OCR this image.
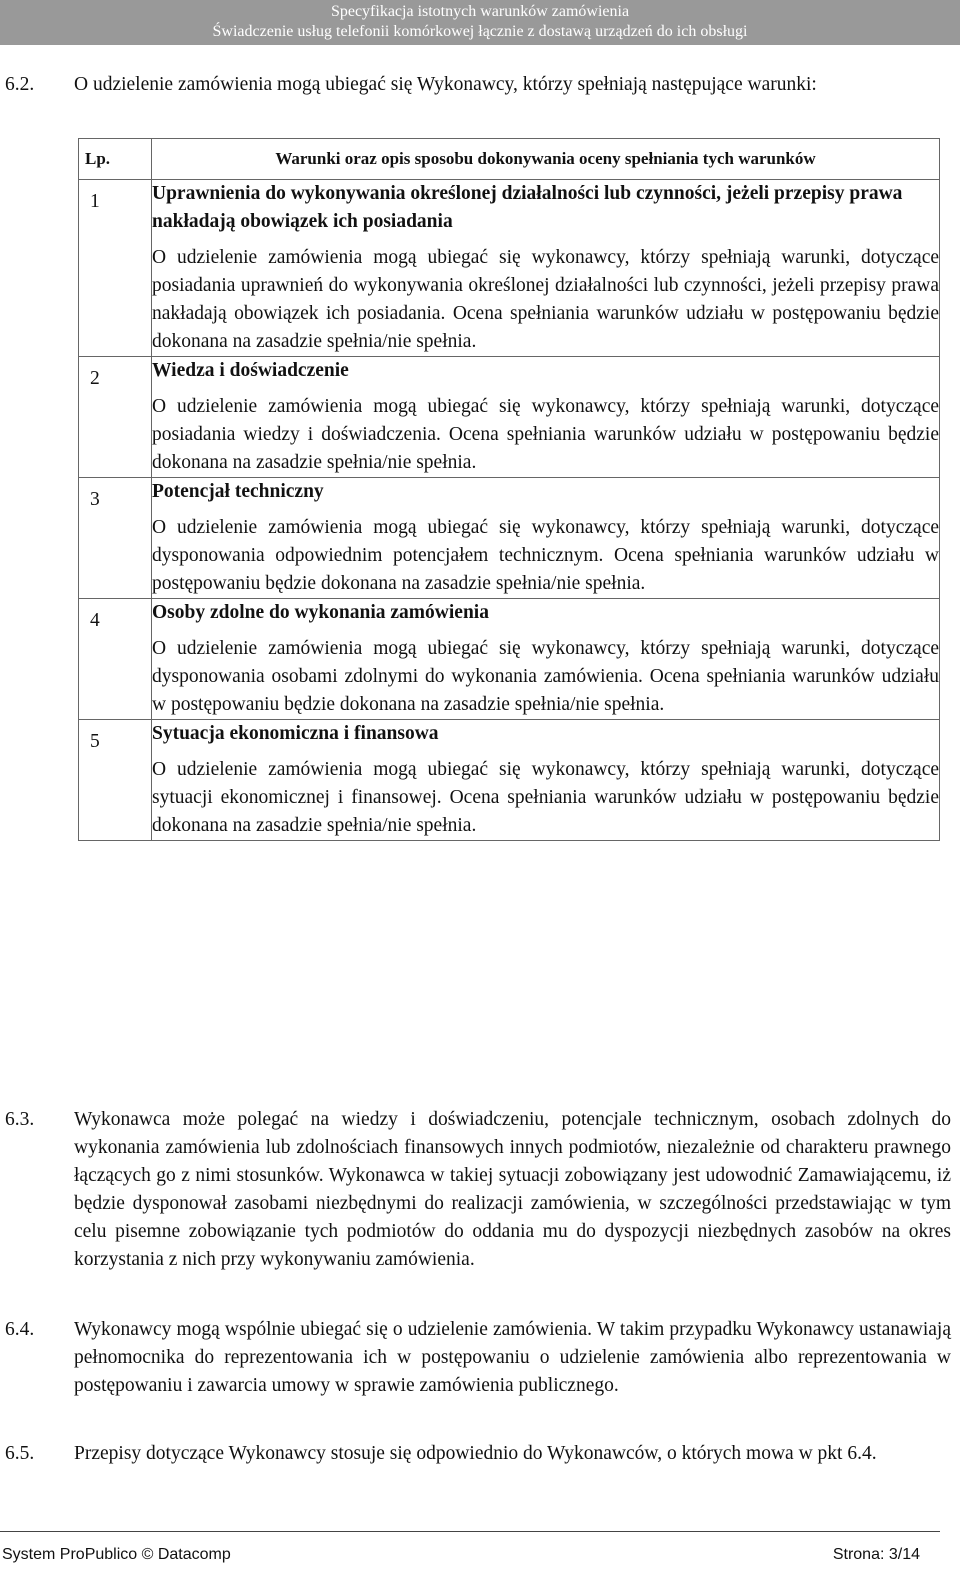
Specyfikacja istotnych warunków zamówienia
Świadczenie usług telefonii komórkowej łącznie z dostawą urządzeń do ich obsługi
6.2. O udzielenie zamówienia mogą ubiegać się Wykonawcy, którzy spełniają następujące warunki:
Lp.	Warunki oraz opis sposobu dokonywania oceny spełniania tych warunków

1	Uprawnienia do wykonywania określonej działalności lub czynności, jeżeli przepisy prawa nakładają obowiązek ich posiadania
O udzielenie zamówienia mogą ubiegać się wykonawcy, którzy spełniają warunki, dotyczące posiadania uprawnień do wykonywania określonej działalności lub czynności, jeżeli przepisy prawa nakładają obowiązek ich posiadania. Ocena spełniania warunków udziału w postępowaniu będzie dokonana na zasadzie spełnia/nie spełnia.

2	Wiedza i doświadczenie
O udzielenie zamówienia mogą ubiegać się wykonawcy, którzy spełniają warunki, dotyczące posiadania wiedzy i doświadczenia. Ocena spełniania warunków udziału w postępowaniu będzie dokonana na zasadzie spełnia/nie spełnia.

3	Potencjał techniczny
O udzielenie zamówienia mogą ubiegać się wykonawcy, którzy spełniają warunki, dotyczące dysponowania odpowiednim potencjałem technicznym. Ocena spełniania warunków udziału w postępowaniu będzie dokonana na zasadzie spełnia/nie spełnia.

4	Osoby zdolne do wykonania zamówienia
O udzielenie zamówienia mogą ubiegać się wykonawcy, którzy spełniają warunki, dotyczące dysponowania osobami zdolnymi do wykonania zamówienia. Ocena spełniania warunków udziału w postępowaniu będzie dokonana na zasadzie spełnia/nie spełnia.

5	Sytuacja ekonomiczna i finansowa
O udzielenie zamówienia mogą ubiegać się wykonawcy, którzy spełniają warunki, dotyczące sytuacji ekonomicznej i finansowej. Ocena spełniania warunków udziału w postępowaniu będzie dokonana na zasadzie spełnia/nie spełnia.
6.3. Wykonawca może polegać na wiedzy i doświadczeniu, potencjale technicznym, osobach zdolnych do wykonania zamówienia lub zdolnościach finansowych innych podmiotów, niezależnie od charakteru prawnego łączących go z nimi stosunków. Wykonawca w takiej sytuacji zobowiązany jest udowodnić Zamawiającemu, iż będzie dysponował zasobami niezbędnymi do realizacji zamówienia, w szczególności przedstawiając w tym celu pisemne zobowiązanie tych podmiotów do oddania mu do dyspozycji niezbędnych zasobów na okres korzystania z nich przy wykonywaniu zamówienia.
6.4. Wykonawcy mogą wspólnie ubiegać się o udzielenie zamówienia. W takim przypadku Wykonawcy ustanawiają pełnomocnika do reprezentowania ich w postępowaniu o udzielenie zamówienia albo reprezentowania w postępowaniu i zawarcia umowy w sprawie zamówienia publicznego.
6.5. Przepisy dotyczące Wykonawcy stosuje się odpowiednio do Wykonawców, o których mowa w pkt 6.4.
System ProPublico © Datacomp	Strona: 3/14
